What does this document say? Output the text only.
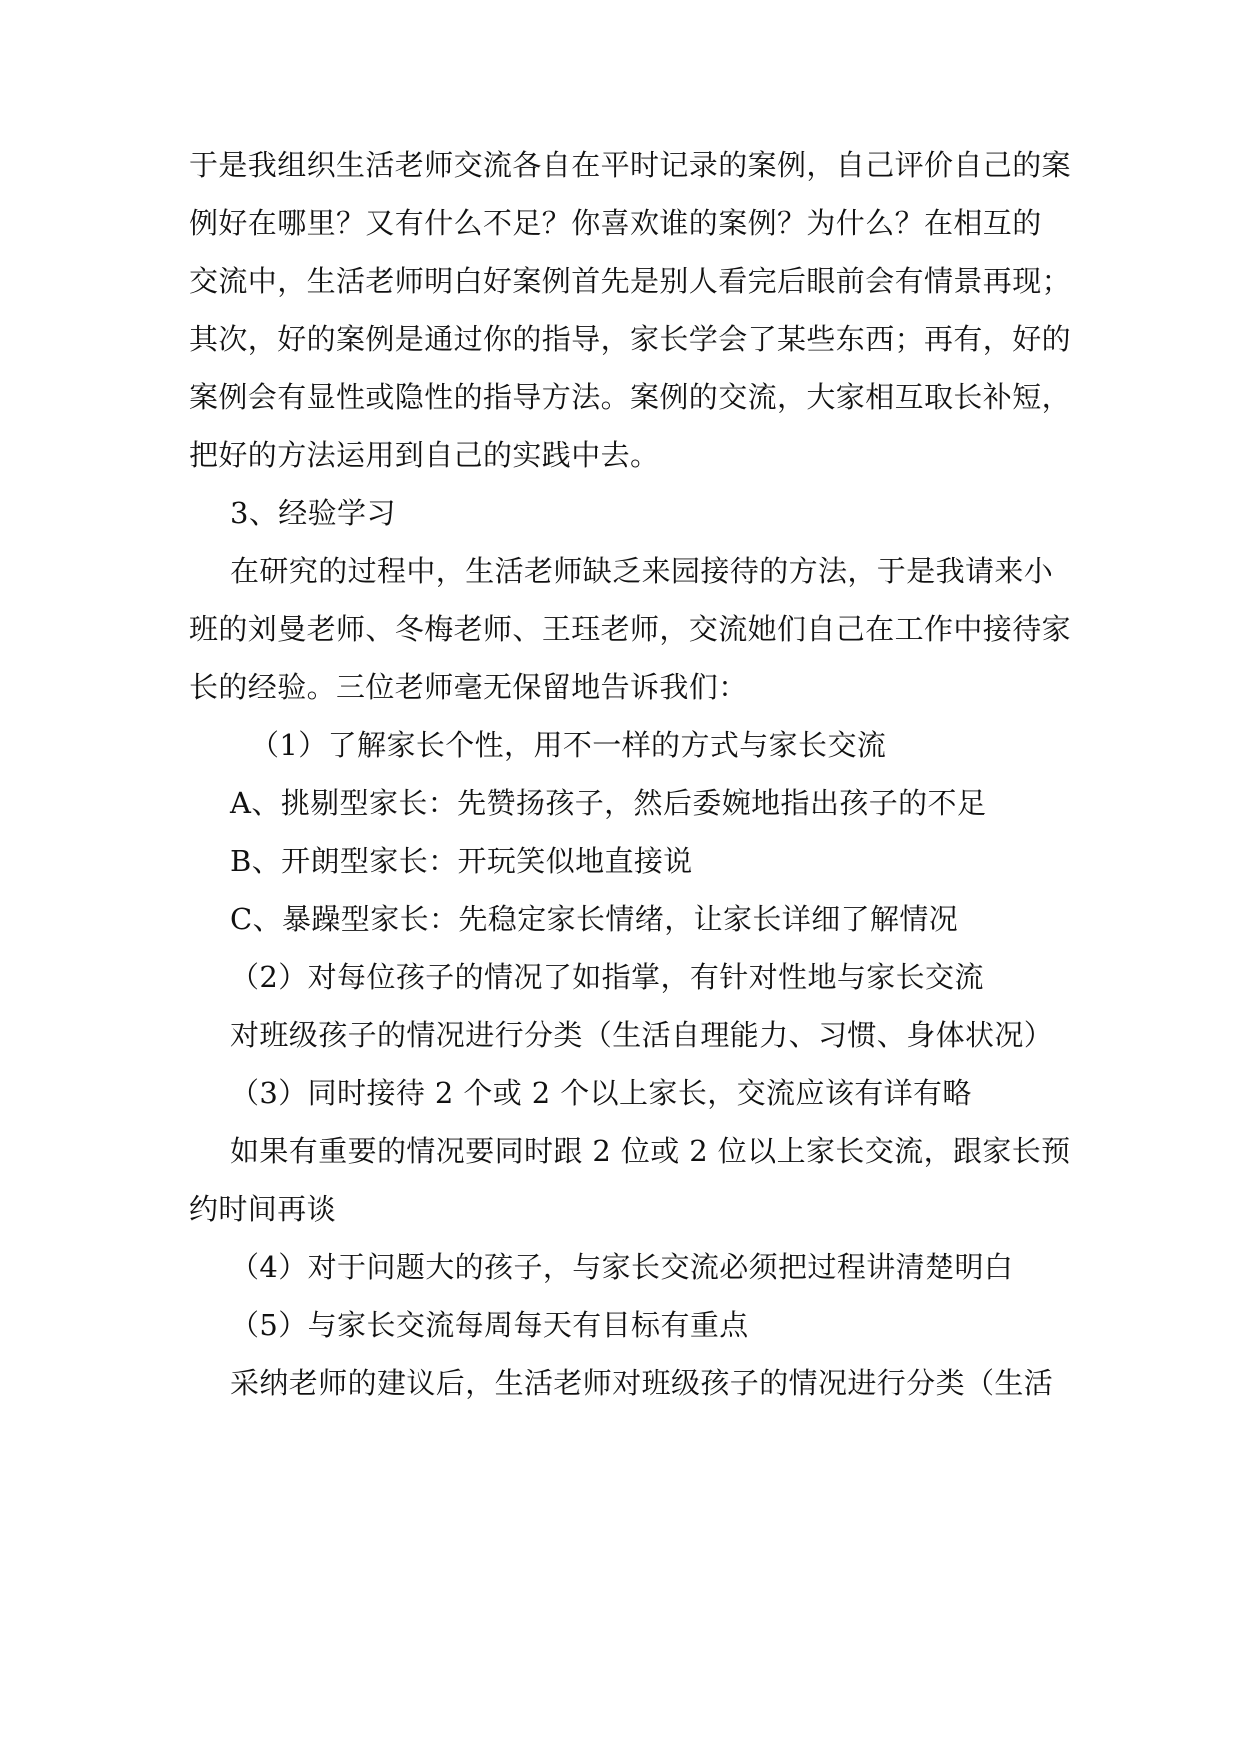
于是我组织生活老师交流各自在平时记录的案例，自己评价自己的案
例好在哪里？又有什么不足？你喜欢谁的案例？为什么？在相互的
交流中，生活老师明白好案例首先是别人看完后眼前会有情景再现；
其次，好的案例是通过你的指导，家长学会了某些东西；再有，好的
案例会有显性或隐性的指导方法。案例的交流，大家相互取长补短，
把好的方法运用到自己的实践中去。
3、经验学习
在研究的过程中，生活老师缺乏来园接待的方法，于是我请来小
班的刘曼老师、冬梅老师、王珏老师，交流她们自己在工作中接待家
长的经验。三位老师毫无保留地告诉我们：
（1）了解家长个性，用不一样的方式与家长交流
A、挑剔型家长：先赞扬孩子，然后委婉地指出孩子的不足
B、开朗型家长：开玩笑似地直接说
C、暴躁型家长：先稳定家长情绪，让家长详细了解情况
（2）对每位孩子的情况了如指掌，有针对性地与家长交流
对班级孩子的情况进行分类（生活自理能力、习惯、身体状况）
（3）同时接待 2 个或 2 个以上家长，交流应该有详有略
如果有重要的情况要同时跟 2 位或 2 位以上家长交流，跟家长预
约时间再谈
（4）对于问题大的孩子，与家长交流必须把过程讲清楚明白
（5）与家长交流每周每天有目标有重点
采纳老师的建议后，生活老师对班级孩子的情况进行分类（生活
